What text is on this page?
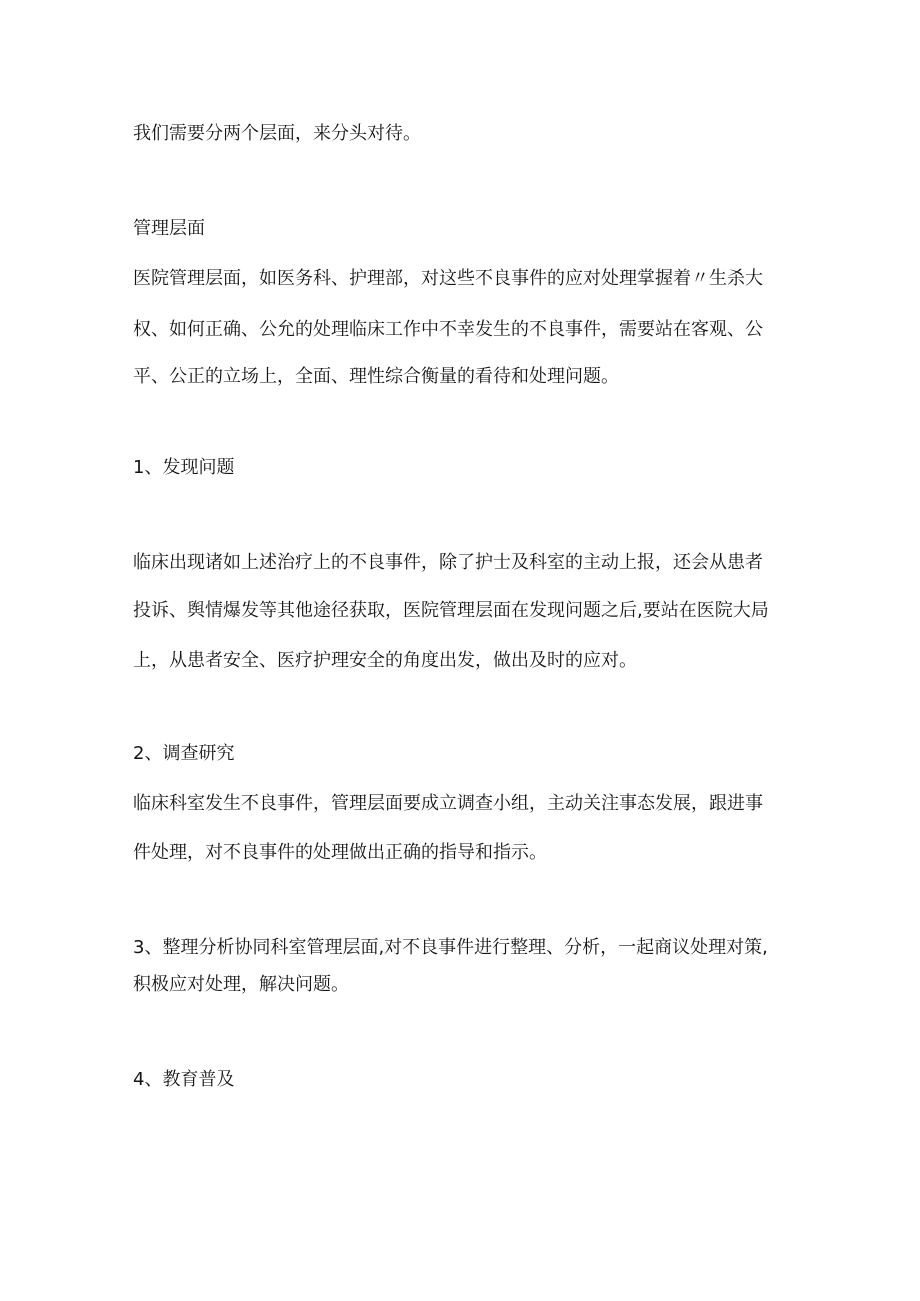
我们需要分两个层面，来分头对待。
管理层面
医院管理层面，如医务科、护理部，对这些不良事件的应对处理掌握着〃生杀大
权、如何正确、公允的处理临床工作中不幸发生的不良事件，需要站在客观、公
平、公正的立场上，全面、理性综合衡量的看待和处理问题。
1、发现问题
临床出现诸如上述治疗上的不良事件，除了护士及科室的主动上报，还会从患者
投诉、舆情爆发等其他途径获取，医院管理层面在发现问题之后,要站在医院大局
上，从患者安全、医疗护理安全的角度出发，做出及时的应对。
2、调查研究
临床科室发生不良事件，管理层面要成立调查小组，主动关注事态发展，跟进事
件处理，对不良事件的处理做出正确的指导和指示。
3、整理分析协同科室管理层面,对不良事件进行整理、分析，一起商议处理对策,
积极应对处理，解决问题。
4、教育普及
